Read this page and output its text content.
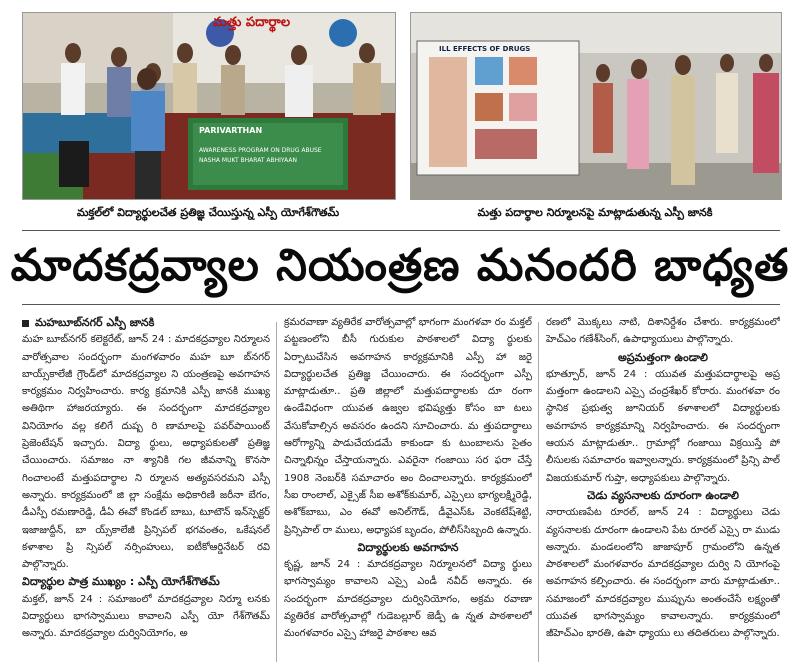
మత్తు పదార్థాల
PARIVARTHAN
AWARENESS PROGRAM ON DRUG ABUSE
NASHA MUKT BHARAT ABHIYAAN
ILL EFFECTS OF DRUGS
మక్తల్‌లో విద్యార్థులచేత ప్రతిజ్ఞ చేయిస్తున్న ఎస్పీ యోగేశ్‌గౌతమ్	మత్తు పదార్థాల నిర్మూలనపై మాట్లాడుతున్న ఎస్పీ జానకి
మాదకద్రవ్యాల నియంత్రణ మనందరి బాధ్యత

మహబూబ్‌నగర్ ఎస్పీ జానకి

మహ బూబ్‌నగర్ కలెక్టరేట్, జూన్ 24 : మాదకద్రవ్యాల నిర్మూలన వారోత్సవాల సందర్భంగా మంగళవారం మహ బూ బ్‌నగర్ బాయ్స్‌కాలేజీ గ్రౌండ్‌లో మాదకద్రవ్యాల ని యంత్రణపై అవగాహన కార్యక్రమం నిర్వహించారు. కార్య క్రమానికి ఎస్పీ జానకి ముఖ్య అతిథిగా హాజరయ్యారు. ఈ సందర్భంగా మాదకద్రవ్యాల వినియోగం వల్ల కలిగే దుష్ప రి ణామాలపై పవర్‌పాయింట్ ప్రెజెంటేషన్ ఇచ్చారు. విద్యా ర్థులు, అధ్యాపకులతో ప్రతిజ్ఞ చేయించారు. సమాజం నా శ్యానికి గల జీవనాన్ని కొనసా గించాలంటే మత్తుపదార్థాల ని ర్మూలన అత్యవసరమని ఎస్పీ అన్నారు. కార్యక్రమంలో జి ల్లా సంక్షేమ అధికారిణి జరీనా బేగం, డీఎస్పీ రమణారెడ్డి, డీఏ ఈవో కొండల్ బాబు, టూటౌన్ ఇన్‌స్పెక్టర్ ఇజాజుద్దీన్, బా య్స్‌కాలేజీ ప్రిన్సిపల్ భగవంతం, ఒకేషనల్ కళాశాల ప్రి న్సిపల్ నర్సింహులు, ఐటీకోఆర్డినేటర్ రవి పాల్గొన్నారు.

విద్యార్థుల పాత్ర ముఖ్యం : ఎస్పీ యోగేశ్‌గౌతమ్

మక్తల్, జూన్ 24 : సమాజంలో మాదకద్రవ్యాల నిర్మూ లనకు విద్యార్థులు భాగస్వాములు కావాలని ఎస్పీ యో గేశ్‌గౌతమ్ అన్నారు. మాదకద్రవ్యాల దుర్వినియోగం, అ

క్రమరవాణా వ్యతిరేక వారోత్సవాల్లో భాగంగా మంగళవా రం మక్తల్ పట్టణంలోని బీసీ గురుకుల పాఠశాలలో విద్యా ర్థులకు ఏర్పాటుచేసిన అవగాహన కార్యక్రమానికి ఎస్పీ హా జరై విద్యార్థులచేత ప్రతిజ్ఞ చేయించారు. ఈ సందర్భంగా ఎస్పీ మాట్లాడుతూ.. ప్రతి జిల్లాలో మత్తుపదార్థాలకు దూ రంగా ఉండేవిధంగా యువత ఉజ్వల భవిష్యత్తు కోసం బా టలు వేసుకోవాల్సిన అవసరం ఉందని సూచించారు. మ త్తుపదార్థాలు ఆరోగ్యాన్ని పాడుచేయడమే కాకుండా కు టుంబాలను సైతం చిన్నాభిన్నం చేస్తాయన్నారు. ఎవరైనా గంజాయి సర ఫరా చేస్తే 1908 నెంబర్‌కి సమాచారం అం దించాలన్నారు. కార్యక్రమంలో సీఐ రాంలాల్, ఎక్సైజ్ సీఐ అశోక్‌కుమార్, ఎస్సైలు భాగ్యలక్ష్మిరెడ్డి, అశోక్‌బాబు, ఎం ఈవో అనిల్‌గౌడ్, డీవైఎస్‌ఓ వెంకటేష్‌శెట్టి, ప్రిన్సిపాల్ రా ములు, అధ్యాపక బృందం, పోలీస్‌సిబ్బంది ఉన్నారు.

విద్యార్థులకు అవగాహన

కృష్ణ, జూన్ 24 : మాదకద్రవ్యాల నిర్మూలనలో విద్యా ర్థులు భాగస్వామ్యం కావాలని ఎస్సై ఎండీ నవీద్ అన్నారు. ఈ సందర్భంగా మాదకద్రవ్యాల దుర్వినియోగం, అక్రమ రవాణా వ్యతిరేక వారోత్సవాల్లో గుడెబల్లూర్ జెడ్పీ ఉ న్నత పాఠశాలలో మంగళవారం ఎస్సై హాజరై పాఠశాల ఆవ

రణలో మొక్కలు నాటి, దిశానిర్దేశం చేశారు. కార్యక్రమంలో హెచ్ఎం గణేశ్‌సింగ్, ఉపాధ్యాయులు పాల్గొన్నారు.

అప్రమత్తంగా ఉండాలి

భూత్పూర్, జూన్ 24 : యువత మత్తుపదార్థాలపై అప్ర మత్తంగా ఉండాలని ఎస్సై చంద్రశేఖర్ కోరారు. మంగళవా రం స్థానిక ప్రభుత్వ జూనియర్ కళాశాలలో విద్యార్థులకు అవగాహన కార్యక్రమాన్ని నిర్వహించారు. ఈ సందర్భంగా ఆయన మాట్లాడుతూ.. గ్రామాల్లో గంజాయి విక్రయిస్తే పో లీసులకు సమాచారం ఇవ్వాలన్నారు. కార్యక్రమంలో ప్రిన్సి పాల్ విజయకుమార్ గుప్తా, అధ్యాపకులు పాల్గొన్నారు.

చెడు వ్యసనాలకు దూరంగా ఉండాలి

నారాయణపేట రూరల్, జూన్ 24 : విద్యార్థులు చెడు వ్యసనాలకు దూరంగా ఉండాలని పేట రూరల్ ఎస్సై రా ముడు అన్నారు. మండలంలోని జాజాపూర్ గ్రామంలోని ఉన్నత పాఠశాలలో మంగళవారం మాదకద్రవ్యాల దుర్వి ని యోగంపై అవగాహన కల్పించారు. ఈ సందర్భంగా వారు మాట్లాడుతూ.. సమాజంలో మాదకద్రవ్యాల ముప్పును అంతంచేసే లక్ష్యంతో యువత భాగస్వామ్యం కావాలన్నారు. కార్యక్రమంలో జీహెచ్ఎం భారతి, ఉపా ధ్యాయు లు తదితరులు పాల్గొన్నారు.
